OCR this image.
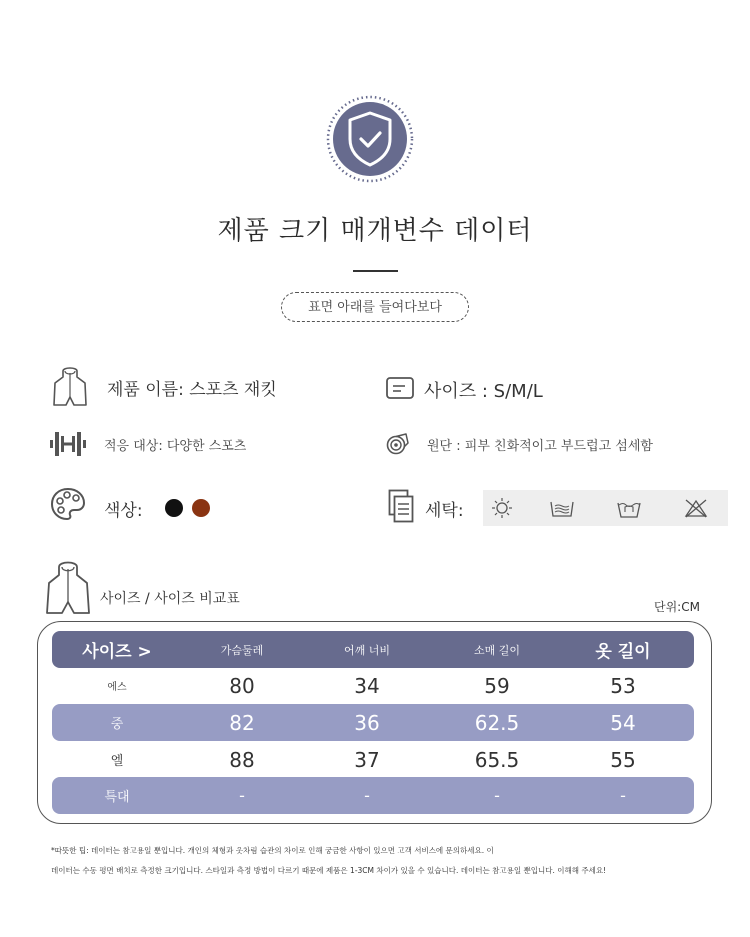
제품 크기 매개변수 데이터
표면 아래를 들여다보다
제품 이름: 스포츠 재킷	사이즈 : S/M/L
적응 대상: 다양한 스포츠	원단 : 피부 친화적이고 부드럽고 섬세함
색상:	세탁:
사이즈 / 사이즈 비교표	단위:CM
사이즈 >	가슴둘레	어깨 너비	소매 길이	옷 길이
에스	80	34	59	53
중	82	36	62.5	54
엘	88	37	65.5	55
특대	-	-	-	-
*따뜻한 팁: 데이터는 참고용일 뿐입니다. 개인의 체형과 옷차림 습관의 차이로 인해 궁금한 사항이 있으면 고객 서비스에 문의하세요. 이
데이터는 수동 평면 배치로 측정한 크기입니다. 스타일과 측정 방법이 다르기 때문에 제품은 1-3CM 차이가 있을 수 있습니다. 데이터는 참고용일 뿐입니다. 이해해 주세요!
